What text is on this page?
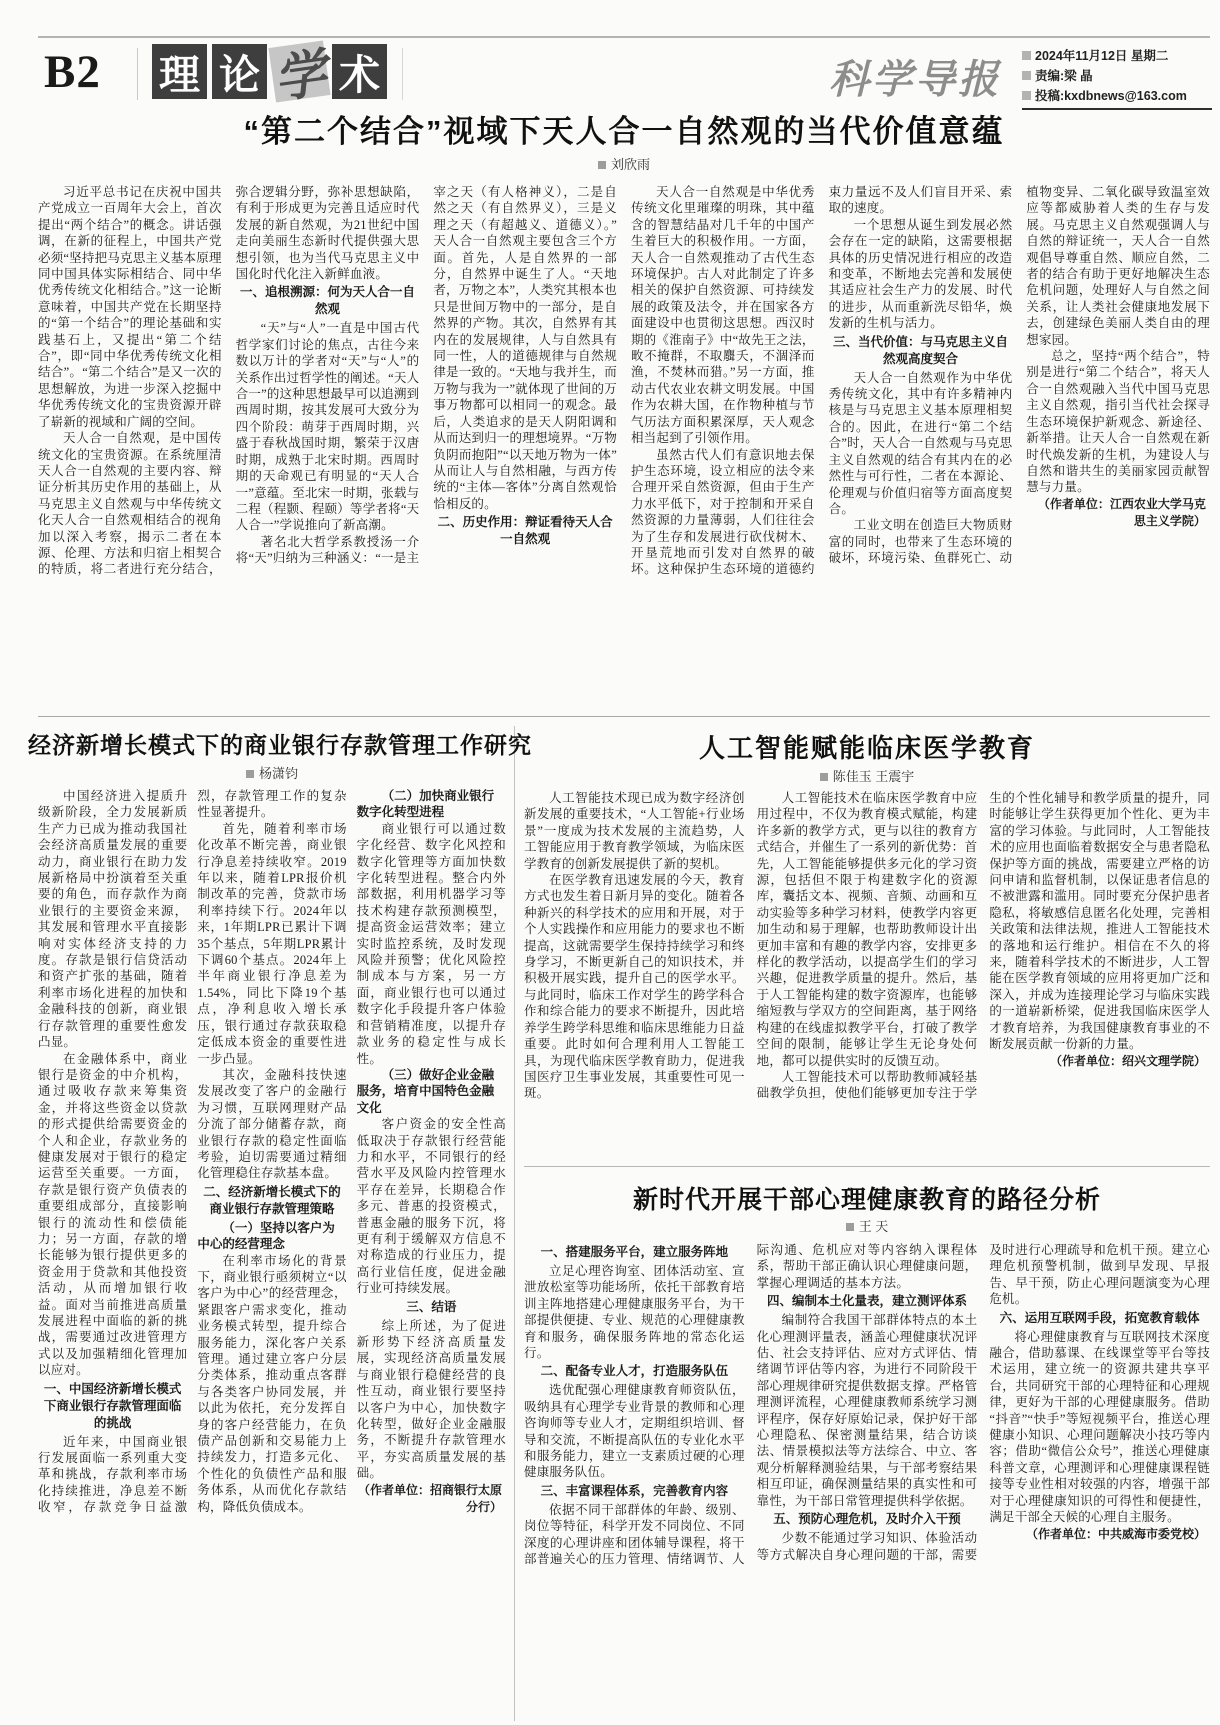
B2 理 论 学 术	科学导报	2024年11月12日 星期二
责编:梁 晶
投稿:kxdbnews@163.com
“第二个结合”视域下天人合一自然观的当代价值意蕴
刘欣雨
习近平总书记在庆祝中国共产党成立一百周年大会上，首次提出“两个结合”的概念。讲话强调，在新的征程上，中国共产党必须“坚持把马克思主义基本原理同中国具体实际相结合、同中华优秀传统文化相结合。”这一论断意味着，中国共产党在长期坚持的“第一个结合”的理论基础和实践基石上，又提出“第二个结合”，即“同中华优秀传统文化相结合”。“第二个结合”是又一次的思想解放，为进一步深入挖掘中华优秀传统文化的宝贵资源开辟了崭新的视域和广阔的空间。
天人合一自然观，是中国传统文化的宝贵资源。在系统厘清天人合一自然观的主要内容、辩证分析其历史作用的基础上，从马克思主义自然观与中华传统文化天人合一自然观相结合的视角加以深入考察，揭示二者在本源、伦理、方法和归宿上相契合的特质，将二者进行充分结合，弥合逻辑分野，弥补思想缺陷，有利于形成更为完善且适应时代发展的新自然观，为21世纪中国走向美丽生态新时代提供强大思想引领，也为当代马克思主义中国化时代化注入新鲜血液。
一、追根溯源：何为天人合一自然观
“天”与“人”一直是中国古代哲学家们讨论的焦点，古往今来数以万计的学者对“天”与“人”的关系作出过哲学性的阐述。“天人合一”的这种思想最早可以追溯到西周时期，按其发展可大致分为四个阶段：萌芽于西周时期，兴盛于春秋战国时期，繁荣于汉唐时期，成熟于北宋时期。西周时期的天命观已有明显的“天人合一”意蕴。至北宋一时期，张载与二程（程颢、程颐）等学者将“天人合一”学说推向了新高潮。
著名北大哲学系教授汤一介将“天”归纳为三种涵义：“一是主宰之天（有人格神义），二是自然之天（有自然界义），三是义理之天（有超越义、道德义）。”天人合一自然观主要包含三个方面。首先，人是自然界的一部分，自然界中诞生了人。“天地者，万物之本”，人类究其根本也只是世间万物中的一部分，是自然界的产物。其次，自然界有其内在的发展规律，人与自然具有同一性，人的道德规律与自然规律是一致的。“天地与我并生，而万物与我为一”就体现了世间的万事万物都可以相同一的观念。最后，人类追求的是天人阴阳调和从而达到归一的理想境界。“万物负阴而抱阳”“以天地万物为一体”从而让人与自然相融，与西方传统的“主体—客体”分离自然观恰恰相反的。
二、历史作用：辩证看待天人合一自然观
天人合一自然观是中华优秀传统文化里璀璨的明珠，其中蕴含的智慧结晶对几千年的中国产生着巨大的积极作用。一方面，天人合一自然观推动了古代生态环境保护。古人对此制定了许多相关的保护自然资源、可持续发展的政策及法令，并在国家各方面建设中也贯彻这思想。西汉时期的《淮南子》中“故先王之法，畋不掩群，不取麛夭，不涸泽而渔，不焚林而猎。”另一方面，推动古代农业农耕文明发展。中国作为农耕大国，在作物种植与节气历法方面积累深厚，天人观念相当起到了引领作用。
虽然古代人们有意识地去保护生态环境，设立相应的法令来合理开采自然资源，但由于生产力水平低下，对于控制和开采自然资源的力量薄弱，人们往往会为了生存和发展进行砍伐树木、开垦荒地而引发对自然界的破坏。这种保护生态环境的道德约束力量远不及人们盲目开采、索取的速度。
一个思想从诞生到发展必然会存在一定的缺陷，这需要根据具体的历史情况进行相应的改造和变革，不断地去完善和发展使其适应社会生产力的发展、时代的进步，从而重新洗尽铅华，焕发新的生机与活力。
三、当代价值：与马克思主义自然观高度契合
天人合一自然观作为中华优秀传统文化，其中有许多精神内核是与马克思主义基本原理相契合的。因此，在进行“第二个结合”时，天人合一自然观与马克思主义自然观的结合有其内在的必然性与可行性，二者在本源论、伦理观与价值归宿等方面高度契合。
工业文明在创造巨大物质财富的同时，也带来了生态环境的破坏，环境污染、鱼群死亡、动植物变异、二氧化碳导致温室效应等都威胁着人类的生存与发展。马克思主义自然观强调人与自然的辩证统一，天人合一自然观倡导尊重自然、顺应自然，二者的结合有助于更好地解决生态危机问题，处理好人与自然之间关系，让人类社会健康地发展下去，创建绿色美丽人类自由的理想家园。
总之，坚持“两个结合”，特别是进行“第二个结合”，将天人合一自然观融入当代中国马克思主义自然观，指引当代社会探寻生态环境保护新观念、新途径、新举措。让天人合一自然观在新时代焕发新的生机，为建设人与自然和谐共生的美丽家园贡献智慧与力量。
（作者单位：江西农业大学马克思主义学院）
经济新增长模式下的商业银行存款管理工作研究
杨潇钧
中国经济进入提质升级新阶段，全力发展新质生产力已成为推动我国社会经济高质量发展的重要动力，商业银行在助力发展新格局中扮演着至关重要的角色，而存款作为商业银行的主要资金来源，其发展和管理水平直接影响对实体经济支持的力度。存款是银行信贷活动和资产扩张的基础，随着利率市场化进程的加快和金融科技的创新，商业银行存款管理的重要性愈发凸显。
在金融体系中，商业银行是资金的中介机构，通过吸收存款来筹集资金，并将这些资金以贷款的形式提供给需要资金的个人和企业，存款业务的健康发展对于银行的稳定运营至关重要。一方面，存款是银行资产负债表的重要组成部分，直接影响银行的流动性和偿债能力；另一方面，存款的增长能够为银行提供更多的资金用于贷款和其他投资活动，从而增加银行收益。面对当前推进高质量发展进程中面临的新的挑战，需要通过改进管理方式以及加强精细化管理加以应对。
一、中国经济新增长模式下商业银行存款管理面临的挑战
近年来，中国商业银行发展面临一系列重大变革和挑战，存款利率市场化持续推进，净息差不断收窄，存款竞争日益激烈，存款管理工作的复杂性显著提升。
首先，随着利率市场化改革不断完善，商业银行净息差持续收窄。2019年以来，随着LPR报价机制改革的完善，贷款市场利率持续下行。2024年以来，1年期LPR已累计下调35个基点，5年期LPR累计下调60个基点。2024年上半年商业银行净息差为1.54%，同比下降19个基点，净利息收入增长承压，银行通过存款获取稳定低成本资金的重要性进一步凸显。
其次，金融科技快速发展改变了客户的金融行为习惯，互联网理财产品分流了部分储蓄存款，商业银行存款的稳定性面临考验，迫切需要通过精细化管理稳住存款基本盘。
二、经济新增长模式下的商业银行存款管理策略
（一）坚持以客户为中心的经营理念
在利率市场化的背景下，商业银行亟须树立“以客户为中心”的经营理念，紧跟客户需求变化，推动业务模式转型，提升综合服务能力，深化客户关系管理。通过建立客户分层分类体系，推动重点客群与各类客户协同发展，并以此为依托，充分发挥自身的客户经营能力，在负债产品创新和交易能力上持续发力，打造多元化、个性化的负债性产品和服务体系，从而优化存款结构，降低负债成本。
（二）加快商业银行数字化转型进程
商业银行可以通过数字化经营、数字化风控和数字化管理等方面加快数字化转型进程。整合内外部数据，利用机器学习等技术构建存款预测模型，提高资金运营效率；建立实时监控系统，及时发现风险并预警；优化风险控制成本与方案，另一方面，商业银行也可以通过数字化手段提升客户体验和营销精准度，以提升存款业务的稳定性与成长性。
（三）做好企业金融服务，培育中国特色金融文化
客户资金的安全性高低取决于存款银行经营能力和水平，不同银行的经营水平及风险内控管理水平存在差异，长期稳合作多元、普惠的投资模式，普惠金融的服务下沉，将更有利于缓解双方信息不对称造成的行业压力，提高行业信任度，促进金融行业可持续发展。
三、结语
综上所述，为了促进新形势下经济高质量发展，实现经济高质量发展与商业银行稳健经营的良性互动，商业银行要坚持以客户为中心，加快数字化转型，做好企业金融服务，不断提升存款管理水平，夯实高质量发展的基础。
（作者单位：招商银行太原分行）
人工智能赋能临床医学教育
陈佳玉 王震宇
人工智能技术现已成为数字经济创新发展的重要技术，“人工智能+行业场景”一度成为技术发展的主流趋势，人工智能应用于教育教学领域，为临床医学教育的创新发展提供了新的契机。
在医学教育迅速发展的今天，教育方式也发生着日新月异的变化。随着各种新兴的科学技术的应用和开展，对于个人实践操作和应用能力的要求也不断提高，这就需要学生保持持续学习和终身学习，不断更新自己的知识技术，并积极开展实践，提升自己的医学水平。与此同时，临床工作对学生的跨学科合作和综合能力的要求不断提升，因此培养学生跨学科思维和临床思维能力日益重要。此时如何合理利用人工智能工具，为现代临床医学教育助力，促进我国医疗卫生事业发展，其重要性可见一斑。
人工智能技术在临床医学教育中应用过程中，不仅为教育模式赋能，构建许多新的教学方式，更与以往的教育方式结合，并催生了一系列的新优势：首先，人工智能能够提供多元化的学习资源，包括但不限于构建数字化的资源库，囊括文本、视频、音频、动画和互动实验等多种学习材料，使教学内容更加生动和易于理解，也帮助教师设计出更加丰富和有趣的教学内容，安排更多样化的教学活动，以提高学生们的学习兴趣，促进教学质量的提升。然后，基于人工智能构建的数字资源库，也能够缩短教与学双方的空间距离，基于网络构建的在线虚拟教学平台，打破了教学空间的限制，能够让学生无论身处何地，都可以提供实时的反馈互动。
人工智能技术可以帮助教师减轻基础教学负担，使他们能够更加专注于学生的个性化辅导和教学质量的提升，同时能够让学生获得更加个性化、更为丰富的学习体验。与此同时，人工智能技术的应用也面临着数据安全与患者隐私保护等方面的挑战，需要建立严格的访问申请和监督机制，以保证患者信息的不被泄露和滥用。同时要充分保护患者隐私，将敏感信息匿名化处理，完善相关政策和法律法规，推进人工智能技术的落地和运行维护。相信在不久的将来，随着科学技术的不断进步，人工智能在医学教育领域的应用将更加广泛和深入，并成为连接理论学习与临床实践的一道崭新桥梁，促进我国临床医学人才教育培养，为我国健康教育事业的不断发展贡献一份新的力量。
（作者单位：绍兴文理学院）
新时代开展干部心理健康教育的路径分析
王 天
一、搭建服务平台，建立服务阵地
立足心理咨询室、团体活动室、宣泄放松室等功能场所，依托干部教育培训主阵地搭建心理健康服务平台，为干部提供便捷、专业、规范的心理健康教育和服务，确保服务阵地的常态化运行。
二、配备专业人才，打造服务队伍
选优配强心理健康教育师资队伍，吸纳具有心理学专业背景的教师和心理咨询师等专业人才，定期组织培训、督导和交流，不断提高队伍的专业化水平和服务能力，建立一支素质过硬的心理健康服务队伍。
三、丰富课程体系，完善教育内容
依据不同干部群体的年龄、级别、岗位等特征，科学开发不同岗位、不同深度的心理讲座和团体辅导课程，将干部普遍关心的压力管理、情绪调节、人际沟通、危机应对等内容纳入课程体系，帮助干部正确认识心理健康问题，掌握心理调适的基本方法。
四、编制本土化量表，建立测评体系
编制符合我国干部群体特点的本土化心理测评量表，涵盖心理健康状况评估、社会支持评估、应对方式评估、情绪调节评估等内容，为进行不同阶段干部心理规律研究提供数据支撑。严格管理测评流程，心理健康教师系统学习测评程序，保存好原始记录，保护好干部心理隐私、保密测量结果，结合访谈法、情景模拟法等方法综合、中立、客观分析解释测验结果，与干部考察结果相互印证，确保测量结果的真实性和可靠性，为干部日常管理提供科学依据。
五、预防心理危机，及时介入干预
少数不能通过学习知识、体验活动等方式解决自身心理问题的干部，需要及时进行心理疏导和危机干预。建立心理危机预警机制，做到早发现、早报告、早干预，防止心理问题演变为心理危机。
六、运用互联网手段，拓宽教育载体
将心理健康教育与互联网技术深度融合，借助慕课、在线课堂等平台等技术运用，建立统一的资源共建共享平台，共同研究干部的心理特征和心理规律，更好为干部的心理健康服务。借助“抖音”“快手”等短视频平台，推送心理健康小知识、心理问题解决小技巧等内容；借助“微信公众号”，推送心理健康科普文章，心理测评和心理健康课程链接等专业性相对较强的内容，增强干部对于心理健康知识的可得性和便捷性，满足干部全天候的心理自主服务。
（作者单位：中共威海市委党校）
